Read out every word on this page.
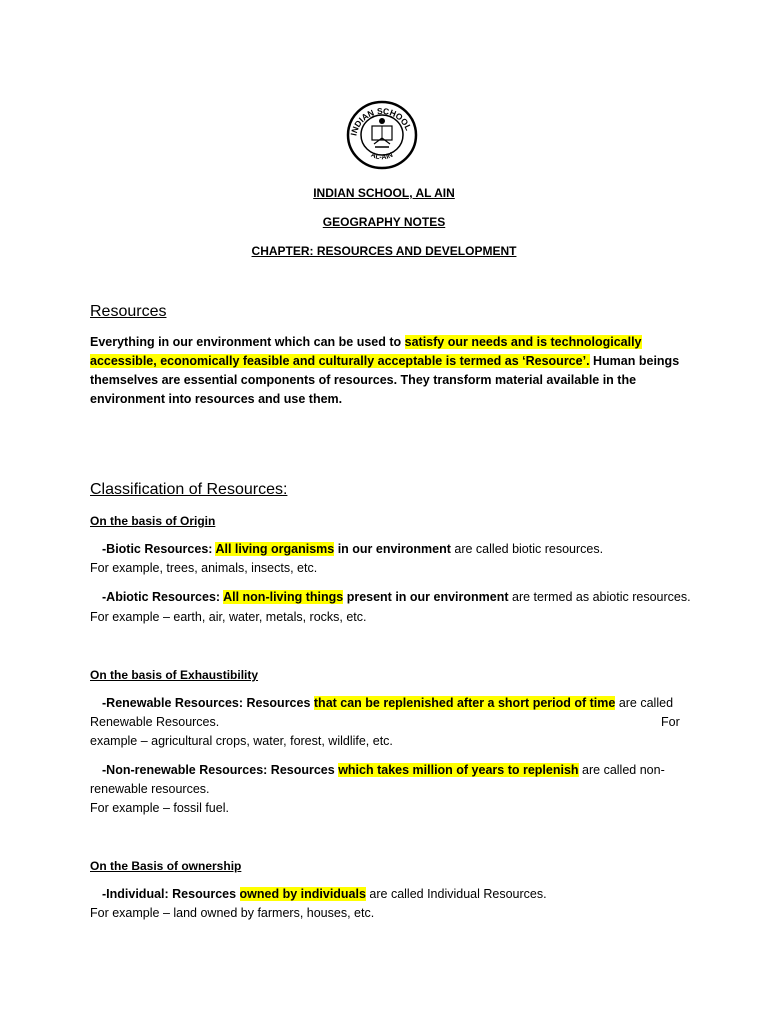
INDIAN SCHOOL
AL-AIN
INDIAN SCHOOL, AL AIN
GEOGRAPHY NOTES
CHAPTER: RESOURCES AND DEVELOPMENT
Resources
Everything in our environment which can be used to satisfy our needs and is technologically
accessible, economically feasible and culturally acceptable is termed as ‘Resource’. Human beings
themselves are essential components of resources. They transform material available in the
environment into resources and use them.
Classification of Resources:
On the basis of Origin
-Biotic Resources: All living organisms in our environment are called biotic resources.
For example, trees, animals, insects, etc.
-Abiotic Resources: All non-living things present in our environment are termed as abiotic resources.
For example – earth, air, water, metals, rocks, etc.
On the basis of Exhaustibility
-Renewable Resources: Resources that can be replenished after a short period of time are called
Renewable Resources.	For
example – agricultural crops, water, forest, wildlife, etc.
-Non-renewable Resources: Resources which takes million of years to replenish are called non-
renewable resources.
For example – fossil fuel.
On the Basis of ownership
-Individual: Resources owned by individuals are called Individual Resources.
For example – land owned by farmers, houses, etc.
